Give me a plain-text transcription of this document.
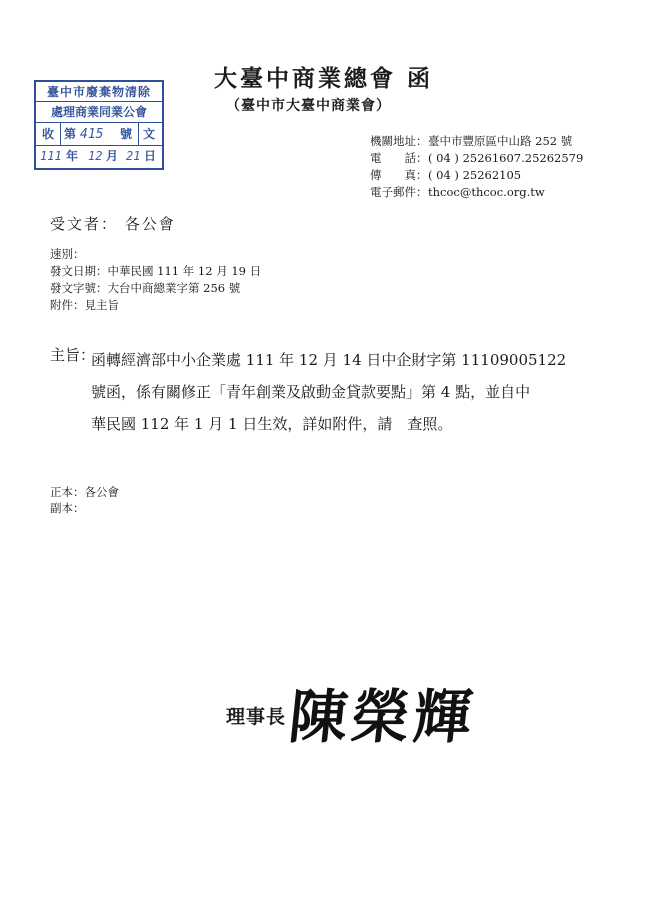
臺中市廢棄物清除
處理商業同業公會
收 第 415 號 文
111 年 12 月 21 日
大臺中商業總會 函
（臺中市大臺中商業會）
機關地址：臺中市豐原區中山路 252 號
電　　話：( 04 ) 25261607.25262579
傳　　真：( 04 ) 25262105
電子郵件：thcoc@thcoc.org.tw
受文者： 各公會
速別：
發文日期：中華民國 111 年 12 月 19 日
發文字號：大台中商總業字第 256 號
附件：見主旨
主旨：
函轉經濟部中小企業處 111 年 12 月 14 日中企財字第 11109005122
號函，係有關修正「青年創業及啟動金貸款要點」第 4 點，並自中
華民國 112 年 1 月 1 日生效，詳如附件，請　查照。
正本：各公會
副本：
理事長 陳榮輝
